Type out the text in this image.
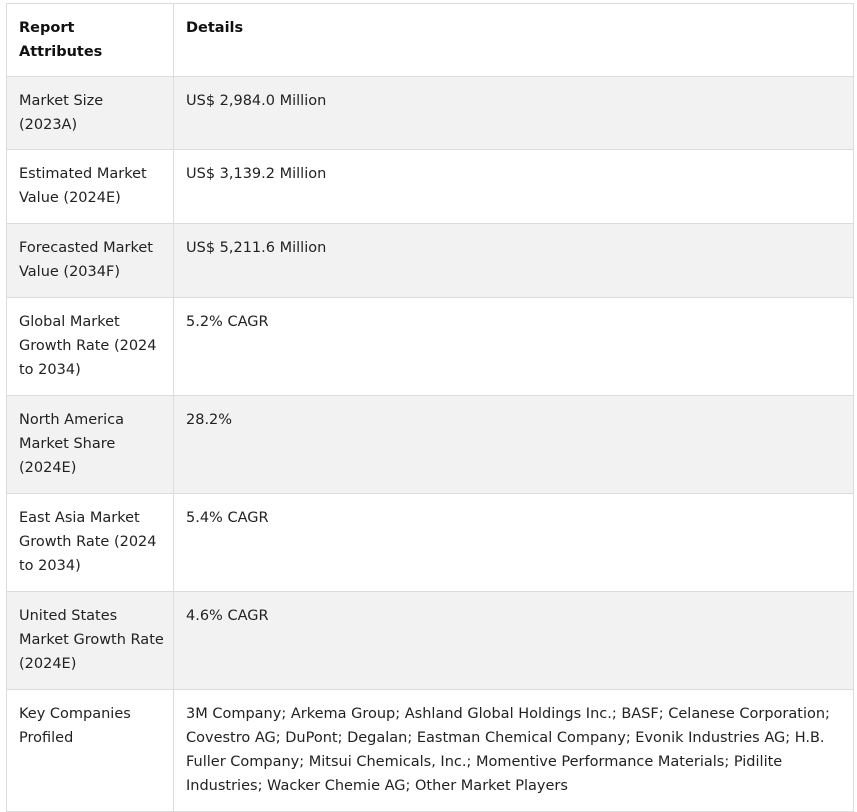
Report Attributes	Details
Market Size (2023A)	US$ 2,984.0 Million
Estimated Market Value (2024E)	US$ 3,139.2 Million
Forecasted Market Value (2034F)	US$ 5,211.6 Million
Global Market Growth Rate (2024 to 2034)	5.2% CAGR
North America Market Share (2024E)	28.2%
East Asia Market Growth Rate (2024 to 2034)	5.4% CAGR
United States Market Growth Rate (2024E)	4.6% CAGR
Key Companies Profiled	3M Company; Arkema Group; Ashland Global Holdings Inc.; BASF; Celanese Corporation; Covestro AG; DuPont; Degalan; Eastman Chemical Company; Evonik Industries AG; H.B. Fuller Company; Mitsui Chemicals, Inc.; Momentive Performance Materials; Pidilite Industries; Wacker Chemie AG; Other Market Players
